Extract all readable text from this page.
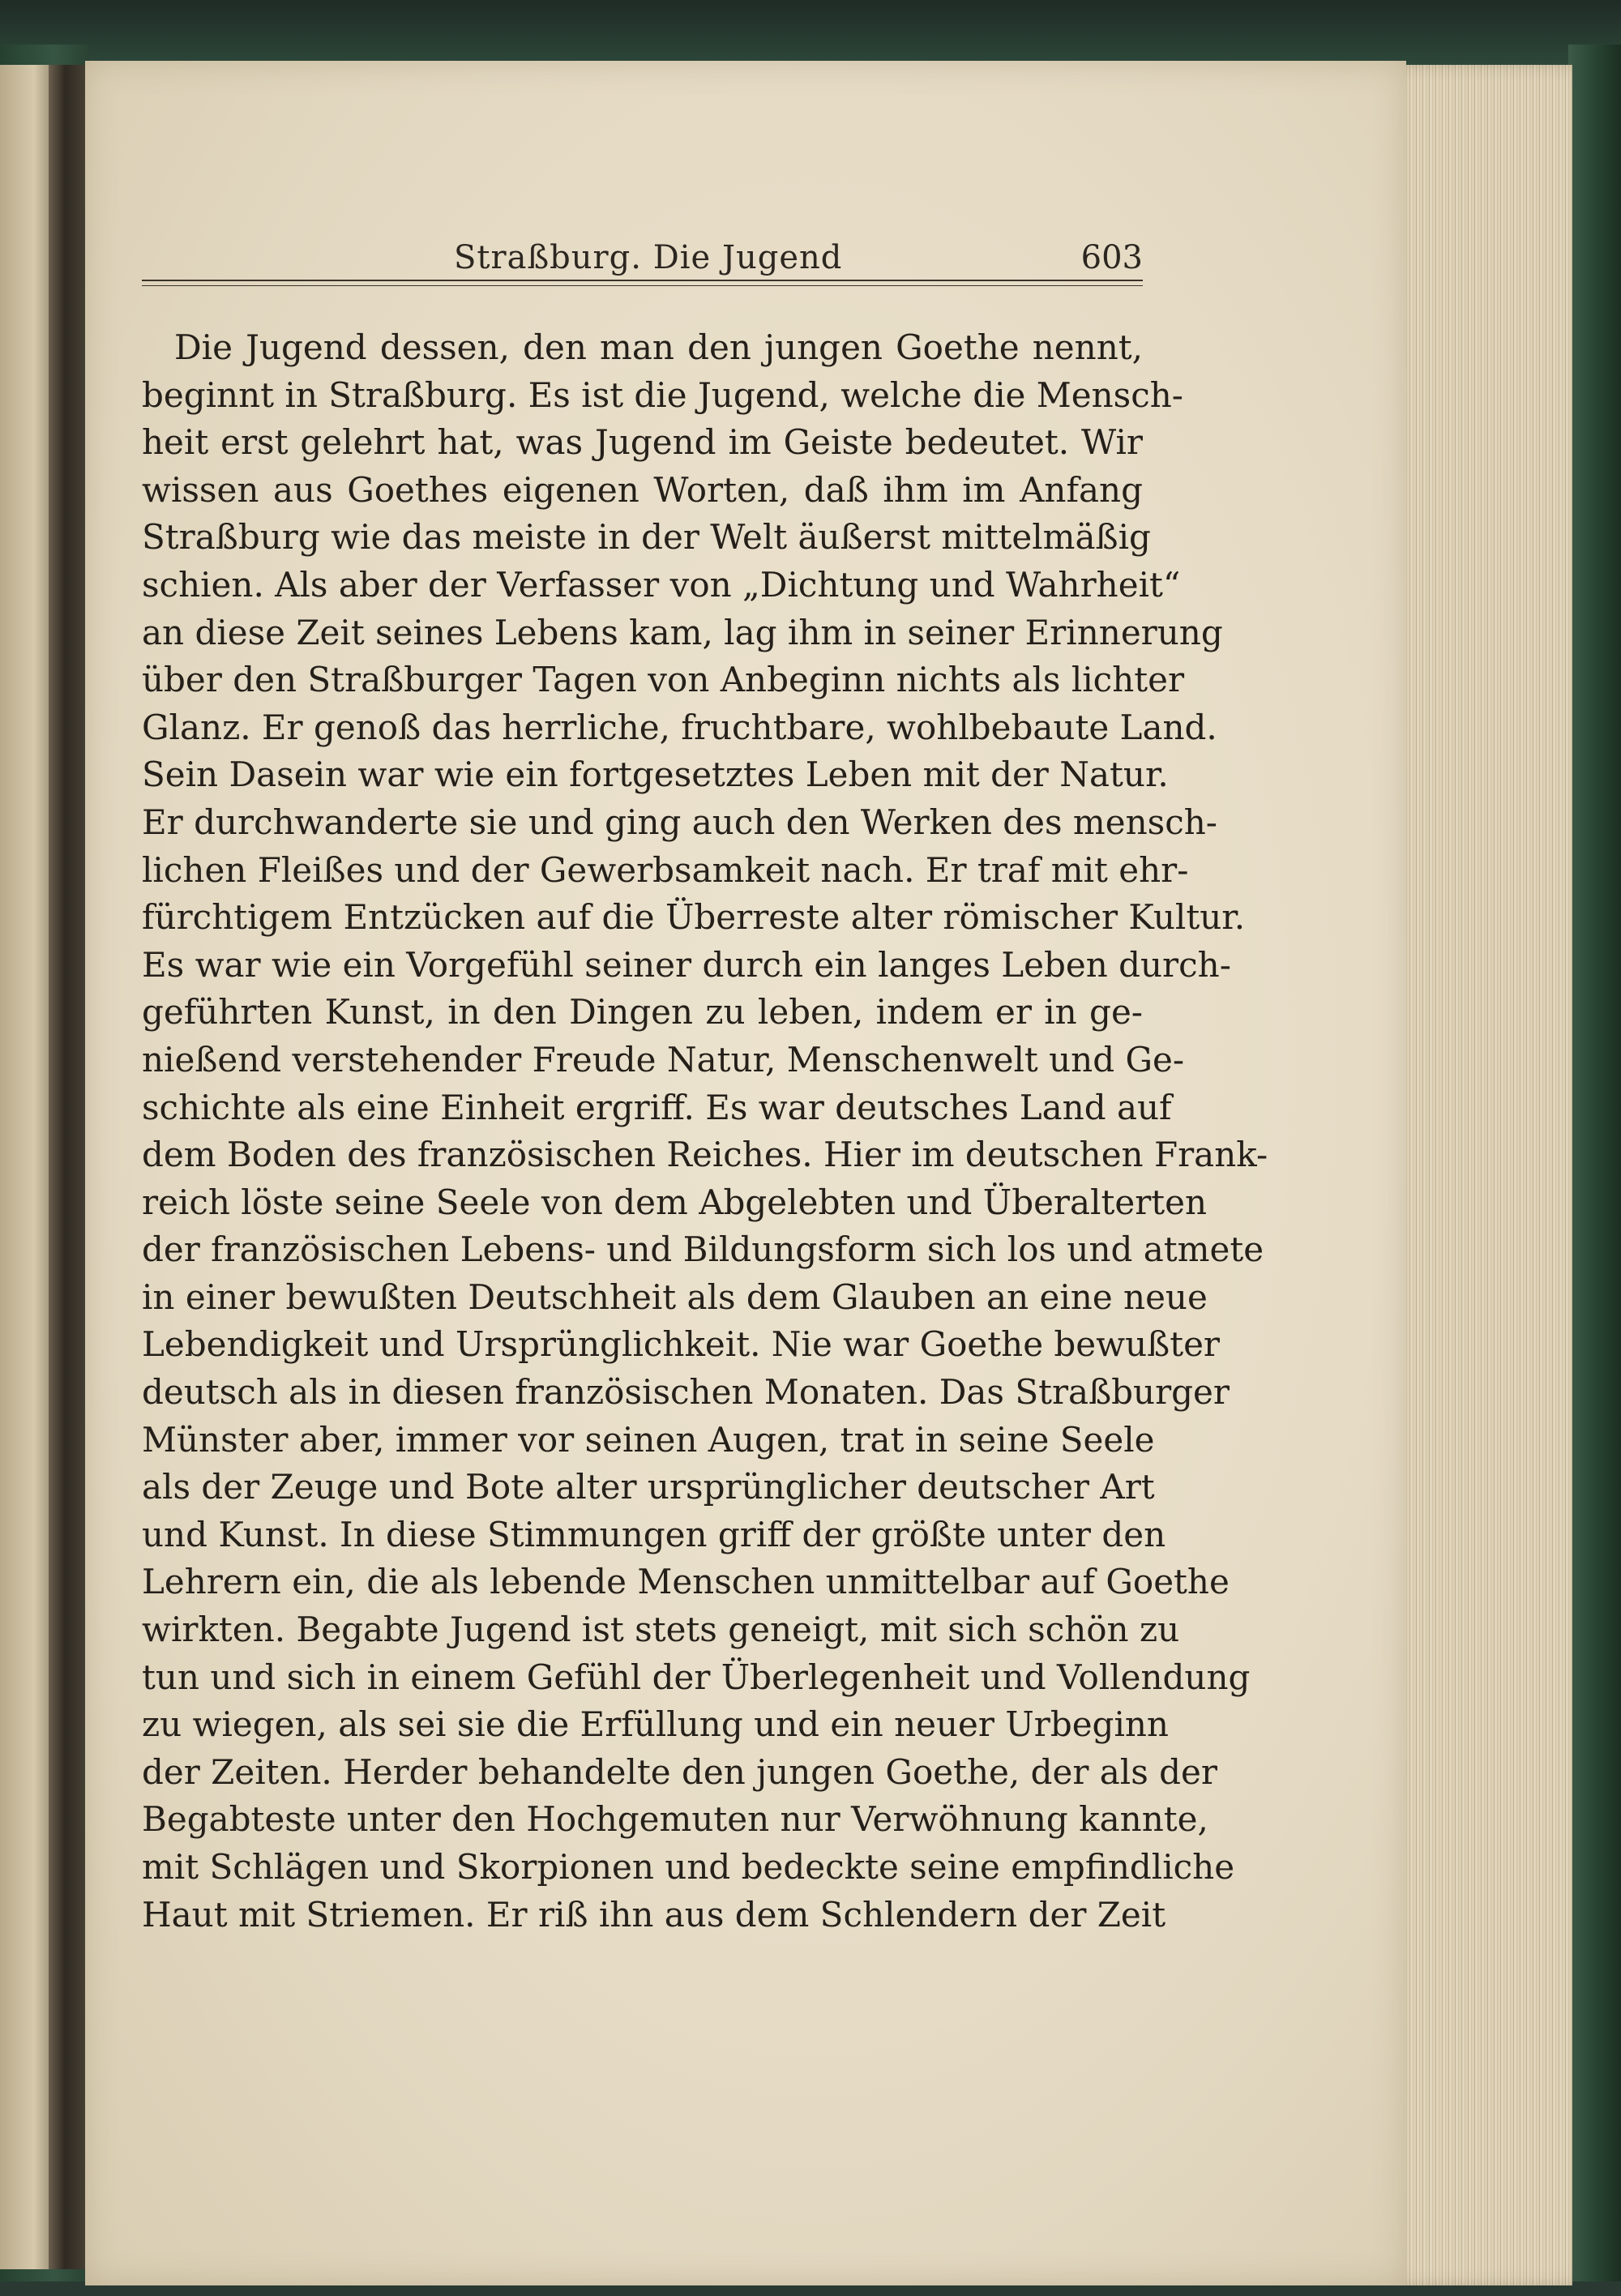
Straßburg. Die Jugend	603
Die Jugend dessen, den man den jungen Goethe nennt,
beginnt in Straßburg. Es ist die Jugend, welche die Mensch-
heit erst gelehrt hat, was Jugend im Geiste bedeutet. Wir
wissen aus Goethes eigenen Worten, daß ihm im Anfang
Straßburg wie das meiste in der Welt äußerst mittelmäßig
schien. Als aber der Verfasser von „Dichtung und Wahrheit“
an diese Zeit seines Lebens kam, lag ihm in seiner Erinnerung
über den Straßburger Tagen von Anbeginn nichts als lichter
Glanz. Er genoß das herrliche, fruchtbare, wohlbebaute Land.
Sein Dasein war wie ein fortgesetztes Leben mit der Natur.
Er durchwanderte sie und ging auch den Werken des mensch-
lichen Fleißes und der Gewerbsamkeit nach. Er traf mit ehr-
fürchtigem Entzücken auf die Überreste alter römischer Kultur.
Es war wie ein Vorgefühl seiner durch ein langes Leben durch-
geführten Kunst, in den Dingen zu leben, indem er in ge-
nießend verstehender Freude Natur, Menschenwelt und Ge-
schichte als eine Einheit ergriff. Es war deutsches Land auf
dem Boden des französischen Reiches. Hier im deutschen Frank-
reich löste seine Seele von dem Abgelebten und Überalterten
der französischen Lebens- und Bildungsform sich los und atmete
in einer bewußten Deutschheit als dem Glauben an eine neue
Lebendigkeit und Ursprünglichkeit. Nie war Goethe bewußter
deutsch als in diesen französischen Monaten. Das Straßburger
Münster aber, immer vor seinen Augen, trat in seine Seele
als der Zeuge und Bote alter ursprünglicher deutscher Art
und Kunst. In diese Stimmungen griff der größte unter den
Lehrern ein, die als lebende Menschen unmittelbar auf Goethe
wirkten. Begabte Jugend ist stets geneigt, mit sich schön zu
tun und sich in einem Gefühl der Überlegenheit und Vollendung
zu wiegen, als sei sie die Erfüllung und ein neuer Urbeginn
der Zeiten. Herder behandelte den jungen Goethe, der als der
Begabteste unter den Hochgemuten nur Verwöhnung kannte,
mit Schlägen und Skorpionen und bedeckte seine empfindliche
Haut mit Striemen. Er riß ihn aus dem Schlendern der Zeit
